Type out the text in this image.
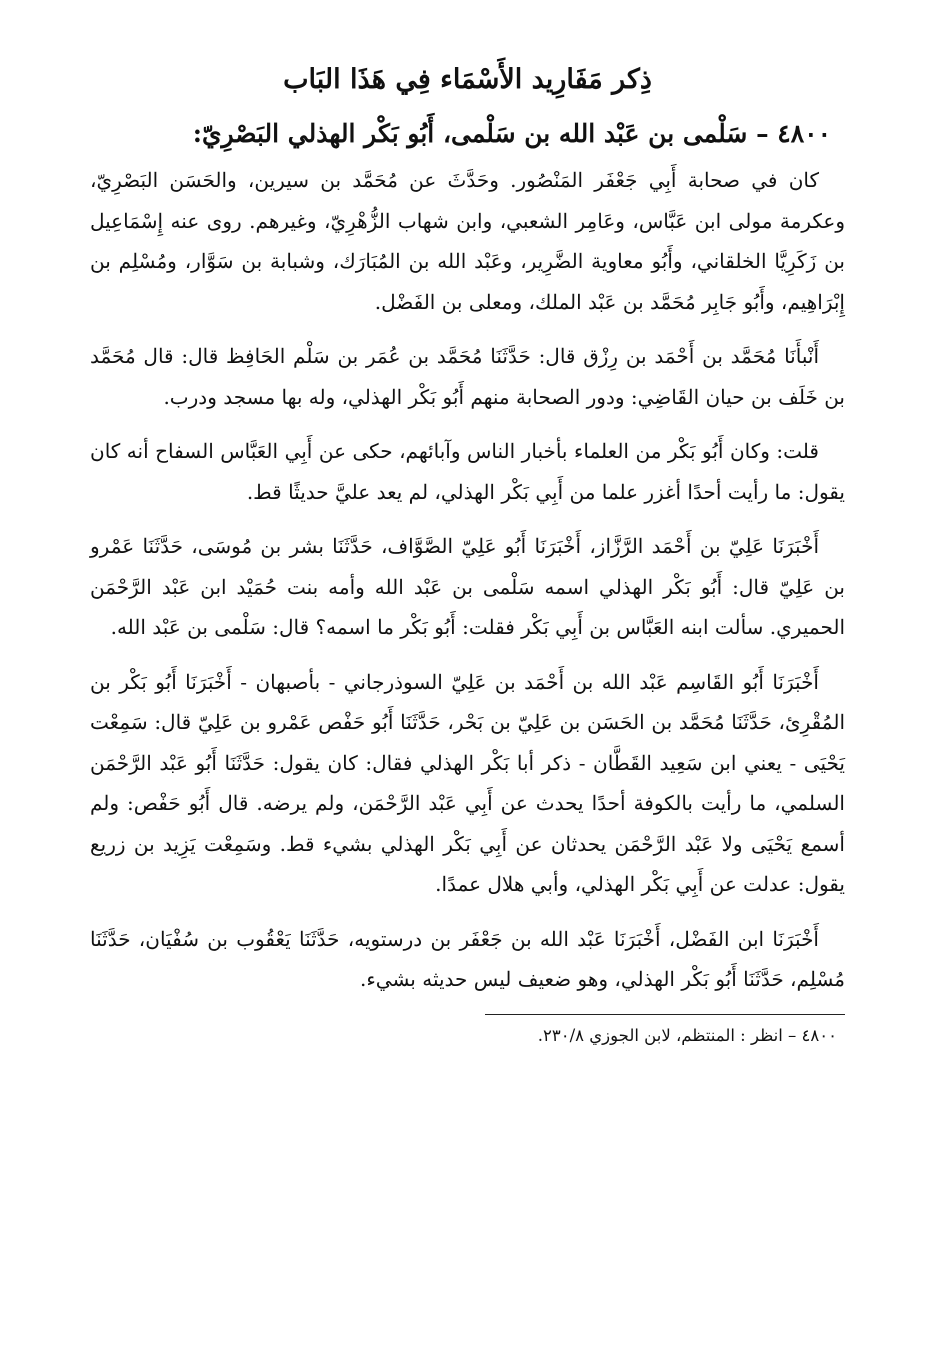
ذِكر مَفَارِيد الأَسْمَاء فِي هَذَا البَاب
٤٨٠٠ – سَلْمى بن عَبْد الله بن سَلْمى، أَبُو بَكْر الهذلي البَصْرِيّ:

كان في صحابة أَبِي جَعْفَر المَنْصُور. وحَدَّثَ عن مُحَمَّد بن سيرين، والحَسَن البَصْرِيّ، وعكرمة مولى ابن عَبَّاس، وعَامِر الشعبي، وابن شهاب الزُّهْرِيّ، وغيرهم. روى عنه إِسْمَاعِيل بن زَكَرِيَّا الخلقاني، وأَبُو معاوية الضَّرِير، وعَبْد الله بن المُبَارَك، وشبابة بن سَوَّار، ومُسْلِم بن إِبْرَاهِيم، وأَبُو جَابِر مُحَمَّد بن عَبْد الملك، ومعلى بن الفَضْل.

أَنْبأَنَا مُحَمَّد بن أَحْمَد بن رِزْق قال: حَدَّثَنَا مُحَمَّد بن عُمَر بن سَلْم الحَافِظ قال: قال مُحَمَّد بن خَلَف بن حيان القَاضِي: ودور الصحابة منهم أَبُو بَكْر الهذلي، وله بها مسجد ودرب.

قلت: وكان أَبُو بَكْر من العلماء بأخبار الناس وآبائهم، حكى عن أَبِي العَبَّاس السفاح أنه كان يقول: ما رأيت أحدًا أغزر علما من أَبِي بَكْر الهذلي، لم يعد عليَّ حديثًا قط.

أَخْبَرَنَا عَلِيّ بن أَحْمَد الرَّزَّاز، أَخْبَرَنَا أَبُو عَلِيّ الصَّوَّاف، حَدَّثَنَا بشر بن مُوسَى، حَدَّثَنَا عَمْرو بن عَلِيّ قال: أَبُو بَكْر الهذلي اسمه سَلْمى بن عَبْد الله وأمه بنت حُمَيْد ابن عَبْد الرَّحْمَن الحميري. سألت ابنه العَبَّاس بن أَبِي بَكْر فقلت: أَبُو بَكْر ما اسمه؟ قال: سَلْمى بن عَبْد الله.

أَخْبَرَنَا أَبُو القَاسِم عَبْد الله بن أَحْمَد بن عَلِيّ السوذرجاني - بأصبهان - أَخْبَرَنَا أَبُو بَكْر بن المُقْرِئ، حَدَّثَنَا مُحَمَّد بن الحَسَن بن عَلِيّ بن بَحْر، حَدَّثَنَا أَبُو حَفْص عَمْرو بن عَلِيّ قال: سَمِعْت يَحْيَى - يعني ابن سَعِيد القَطَّان - ذكر أبا بَكْر الهذلي فقال: كان يقول: حَدَّثَنَا أَبُو عَبْد الرَّحْمَن السلمي، ما رأيت بالكوفة أحدًا يحدث عن أَبِي عَبْد الرَّحْمَن، ولم يرضه. قال أَبُو حَفْص: ولم أسمع يَحْيَى ولا عَبْد الرَّحْمَن يحدثان عن أَبِي بَكْر الهذلي بشيء قط. وسَمِعْت يَزِيد بن زريع يقول: عدلت عن أَبِي بَكْر الهذلي، وأبي هلال عمدًا.

أَخْبَرَنَا ابن الفَضْل، أَخْبَرَنَا عَبْد الله بن جَعْفَر بن درستويه، حَدَّثَنَا يَعْقُوب بن سُفْيَان، حَدَّثَنَا مُسْلِم، حَدَّثَنَا أَبُو بَكْر الهذلي، وهو ضعيف ليس حديثه بشيء.

٤٨٠٠ – انظر : المنتظم، لابن الجوزي ٢٣٠/٨.
